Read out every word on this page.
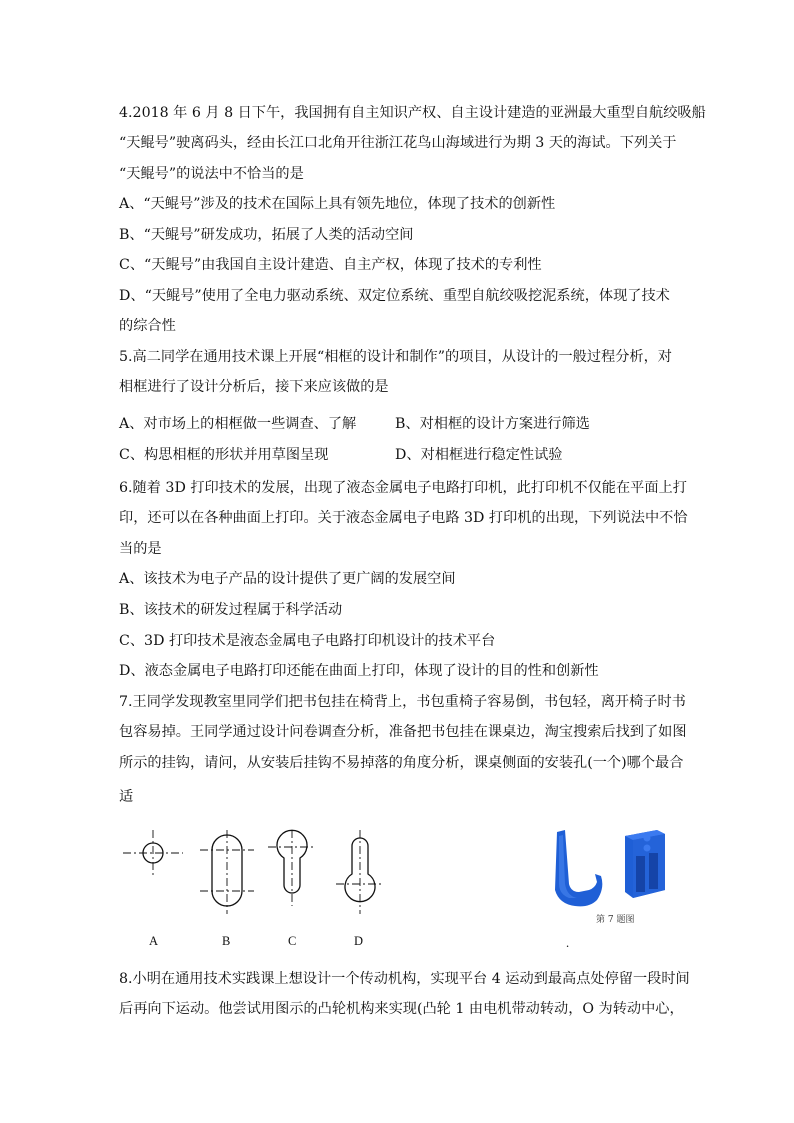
4.2018 年 6 月 8 日下午，我国拥有自主知识产权、自主设计建造的亚洲最大重型自航绞吸船
“天鲲号”驶离码头，经由长江口北角开往浙江花鸟山海域进行为期 3 天的海试。下列关于
“天鲲号”的说法中不恰当的是
A、“天鲲号”涉及的技术在国际上具有领先地位，体现了技术的创新性
B、“天鲲号”研发成功，拓展了人类的活动空间
C、“天鲲号”由我国自主设计建造、自主产权，体现了技术的专利性
D、“天鲲号”使用了全电力驱动系统、双定位系统、重型自航绞吸挖泥系统，体现了技术
的综合性
5.高二同学在通用技术课上开展“相框的设计和制作”的项目，从设计的一般过程分析，对
相框进行了设计分析后，接下来应该做的是
A、对市场上的相框做一些调查、了解	B、对相框的设计方案进行筛选
C、构思相框的形状并用草图呈现	D、对相框进行稳定性试验
6.随着 3D 打印技术的发展，出现了液态金属电子电路打印机，此打印机不仅能在平面上打
印，还可以在各种曲面上打印。关于液态金属电子电路 3D 打印机的出现，下列说法中不恰
当的是
A、该技术为电子产品的设计提供了更广阔的发展空间
B、该技术的研发过程属于科学活动
C、3D 打印技术是液态金属电子电路打印机设计的技术平台
D、液态金属电子电路打印还能在曲面上打印，体现了设计的目的性和创新性
7.王同学发现教室里同学们把书包挂在椅背上，书包重椅子容易倒，书包轻，离开椅子时书
包容易掉。王同学通过设计问卷调查分析，准备把书包挂在课桌边，淘宝搜索后找到了如图
所示的挂钩，请问，从安装后挂钩不易掉落的角度分析，课桌侧面的安装孔(一个)哪个最合
适
A	B	C	D
第 7 题图
.
8.小明在通用技术实践课上想设计一个传动机构，实现平台 4 运动到最高点处停留一段时间
后再向下运动。他尝试用图示的凸轮机构来实现(凸轮 1 由电机带动转动，O 为转动中心，
